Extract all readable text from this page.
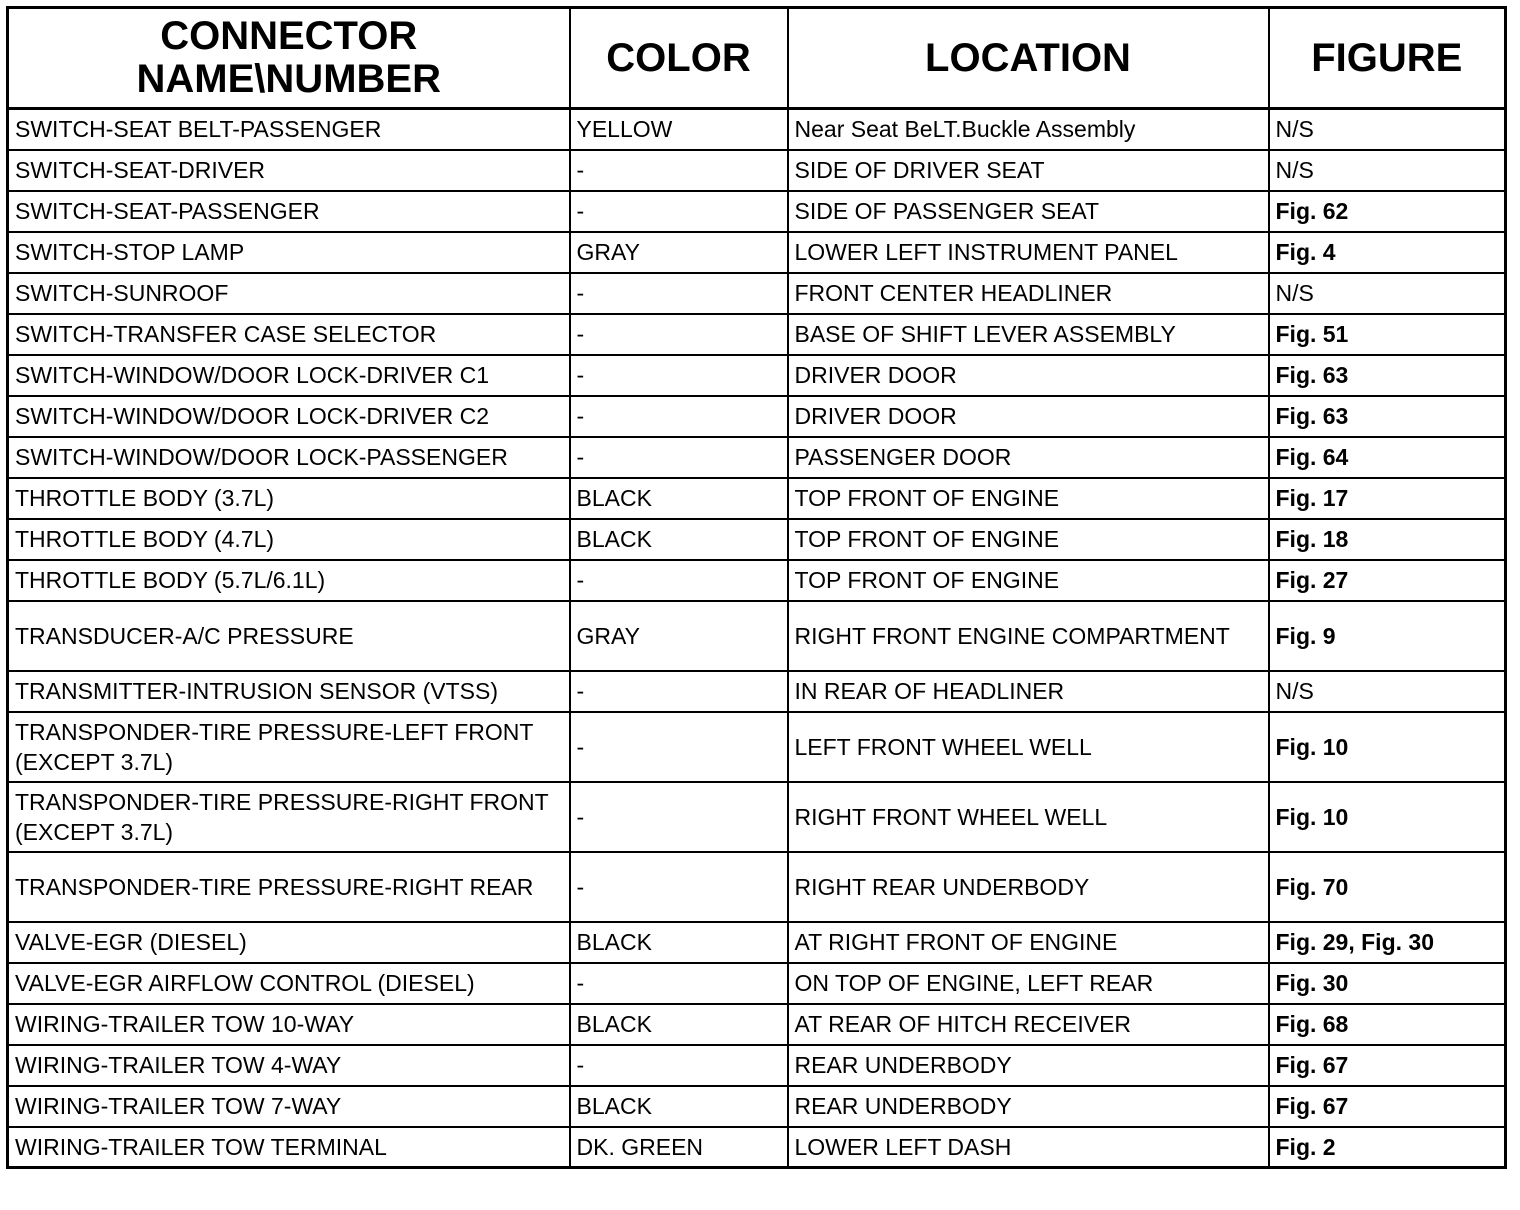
CONNECTOR NAME\NUMBER	COLOR	LOCATION	FIGURE
SWITCH-SEAT BELT-PASSENGER	YELLOW	Near Seat BeLT.Buckle Assembly	N/S
SWITCH-SEAT-DRIVER	-	SIDE OF DRIVER SEAT	N/S
SWITCH-SEAT-PASSENGER	-	SIDE OF PASSENGER SEAT	Fig. 62
SWITCH-STOP LAMP	GRAY	LOWER LEFT INSTRUMENT PANEL	Fig. 4
SWITCH-SUNROOF	-	FRONT CENTER HEADLINER	N/S
SWITCH-TRANSFER CASE SELECTOR	-	BASE OF SHIFT LEVER ASSEMBLY	Fig. 51
SWITCH-WINDOW/DOOR LOCK-DRIVER C1	-	DRIVER DOOR	Fig. 63
SWITCH-WINDOW/DOOR LOCK-DRIVER C2	-	DRIVER DOOR	Fig. 63
SWITCH-WINDOW/DOOR LOCK-PASSENGER	-	PASSENGER DOOR	Fig. 64
THROTTLE BODY (3.7L)	BLACK	TOP FRONT OF ENGINE	Fig. 17
THROTTLE BODY (4.7L)	BLACK	TOP FRONT OF ENGINE	Fig. 18
THROTTLE BODY (5.7L/6.1L)	-	TOP FRONT OF ENGINE	Fig. 27
TRANSDUCER-A/C PRESSURE	GRAY	RIGHT FRONT ENGINE COMPARTMENT	Fig. 9
TRANSMITTER-INTRUSION SENSOR (VTSS)	-	IN REAR OF HEADLINER	N/S
TRANSPONDER-TIRE PRESSURE-LEFT FRONT (EXCEPT 3.7L)	-	LEFT FRONT WHEEL WELL	Fig. 10
TRANSPONDER-TIRE PRESSURE-RIGHT FRONT (EXCEPT 3.7L)	-	RIGHT FRONT WHEEL WELL	Fig. 10
TRANSPONDER-TIRE PRESSURE-RIGHT REAR	-	RIGHT REAR UNDERBODY	Fig. 70
VALVE-EGR (DIESEL)	BLACK	AT RIGHT FRONT OF ENGINE	Fig. 29, Fig. 30
VALVE-EGR AIRFLOW CONTROL (DIESEL)	-	ON TOP OF ENGINE, LEFT REAR	Fig. 30
WIRING-TRAILER TOW 10-WAY	BLACK	AT REAR OF HITCH RECEIVER	Fig. 68
WIRING-TRAILER TOW 4-WAY	-	REAR UNDERBODY	Fig. 67
WIRING-TRAILER TOW 7-WAY	BLACK	REAR UNDERBODY	Fig. 67
WIRING-TRAILER TOW TERMINAL	DK. GREEN	LOWER LEFT DASH	Fig. 2
